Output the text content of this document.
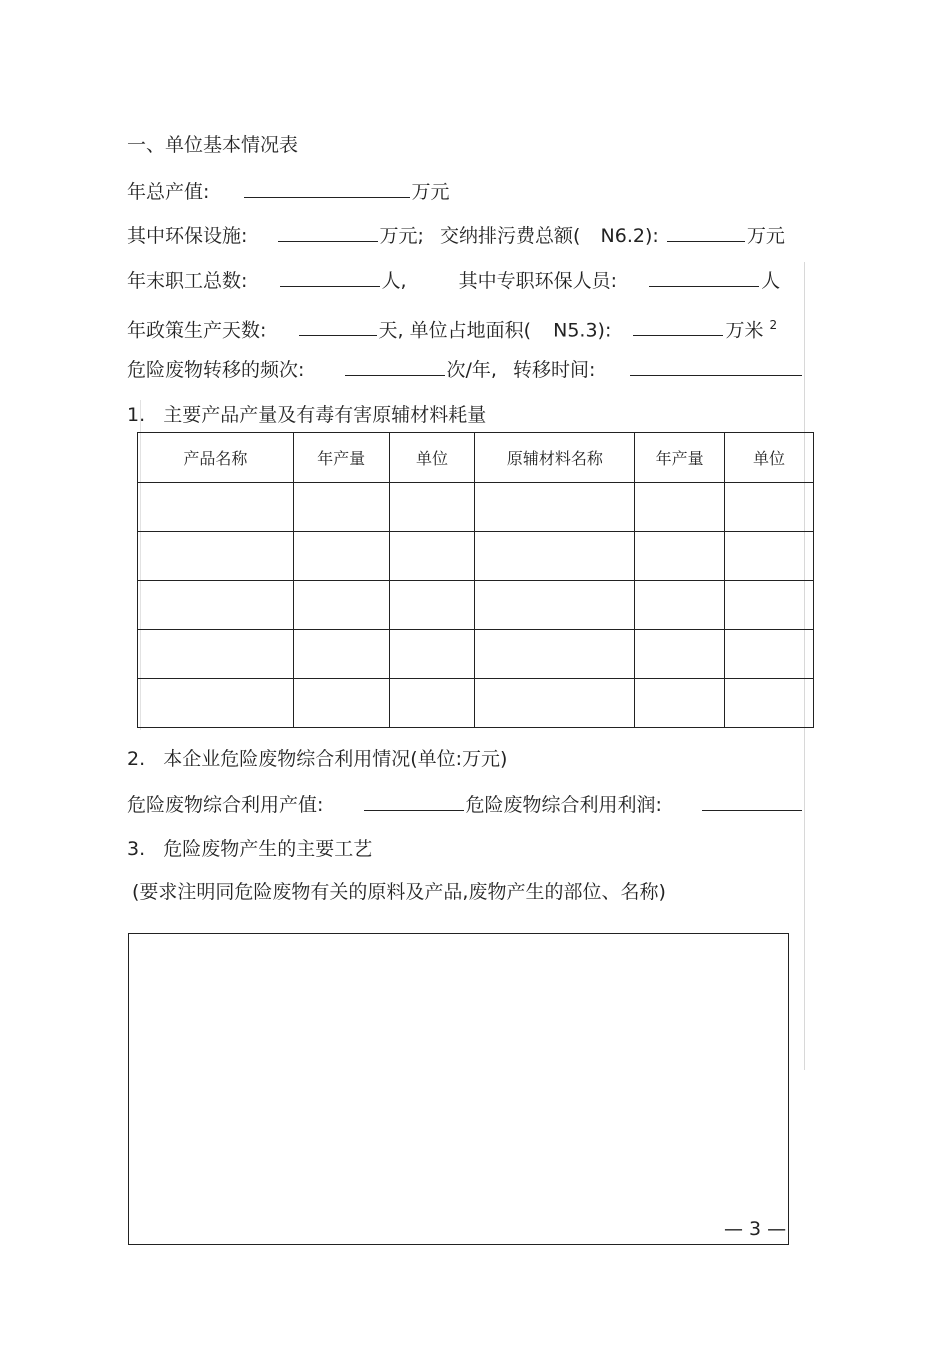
一、单位基本情况表
年总产值:	万元
其中环保设施:	万元; 交纳排污费总额( N6.2):	万元
年末职工总数:	人,	其中专职环保人员:	人
年政策生产天数:	天, 单位占地面积( N5.3):	万米 $^2$
危险废物转移的频次:	次/年, 转移时间:
1. 主要产品产量及有毒有害原辅材料耗量
产品名称	年产量	单位	原辅材料名称	年产量	单位

2. 本企业危险废物综合利用情况(单位:万元)
危险废物综合利用产值:	危险废物综合利用利润:
3. 危险废物产生的主要工艺
(要求注明同危险废物有关的原料及产品,废物产生的部位、名称)
— 3 —
